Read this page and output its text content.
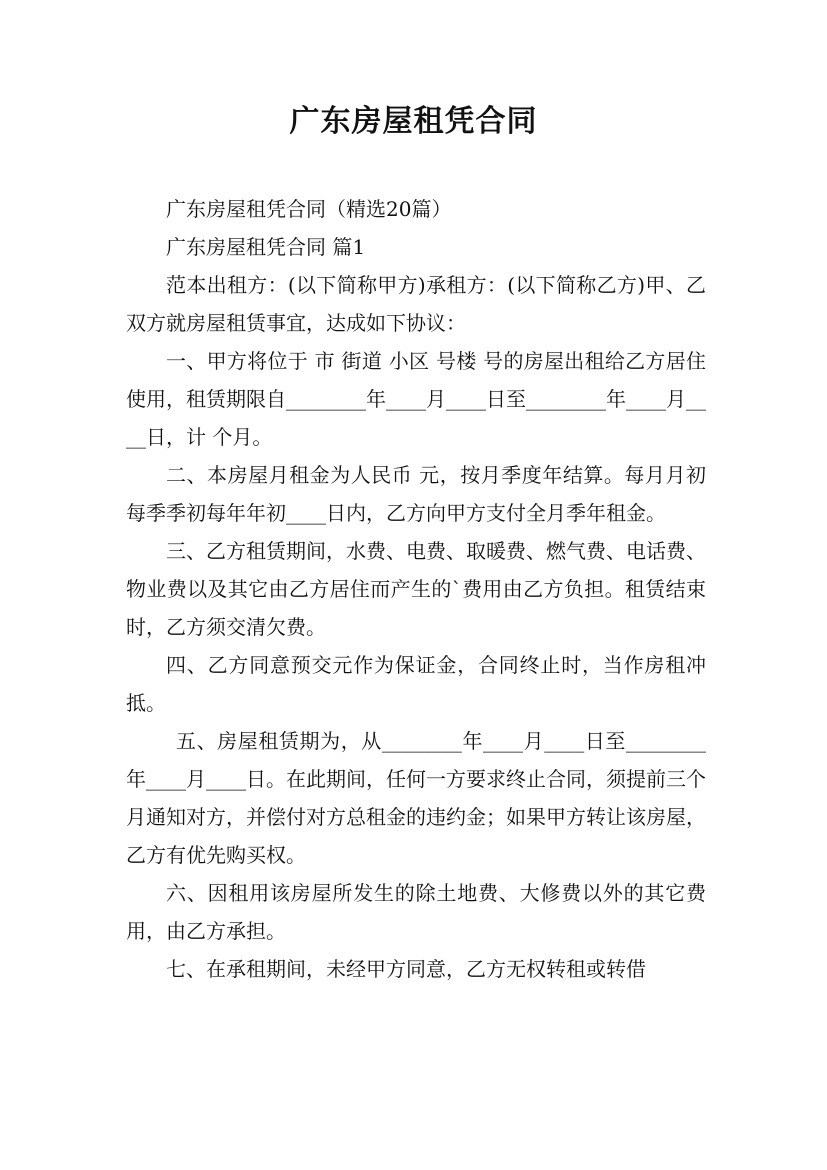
广东房屋租凭合同

广东房屋租凭合同（精选20篇）

广东房屋租凭合同 篇1

范本出租方：(以下简称甲方)承租方：(以下简称乙方)甲、乙双方就房屋租赁事宜，达成如下协议：

一、甲方将位于 市 街道 小区 号楼 号的房屋出租给乙方居住使用，租赁期限自________年____月____日至________年____月____日，计 个月。

二、本房屋月租金为人民币 元，按月季度年结算。每月月初每季季初每年年初____日内，乙方向甲方支付全月季年租金。

三、乙方租赁期间，水费、电费、取暖费、燃气费、电话费、物业费以及其它由乙方居住而产生的`费用由乙方负担。租赁结束时，乙方须交清欠费。

四、乙方同意预交元作为保证金，合同终止时，当作房租冲抵。

五、房屋租赁期为，从________年____月____日至________年____月____日。在此期间，任何一方要求终止合同，须提前三个月通知对方，并偿付对方总租金的违约金；如果甲方转让该房屋，乙方有优先购买权。

六、因租用该房屋所发生的除土地费、大修费以外的其它费用，由乙方承担。

七、在承租期间，未经甲方同意，乙方无权转租或转借
